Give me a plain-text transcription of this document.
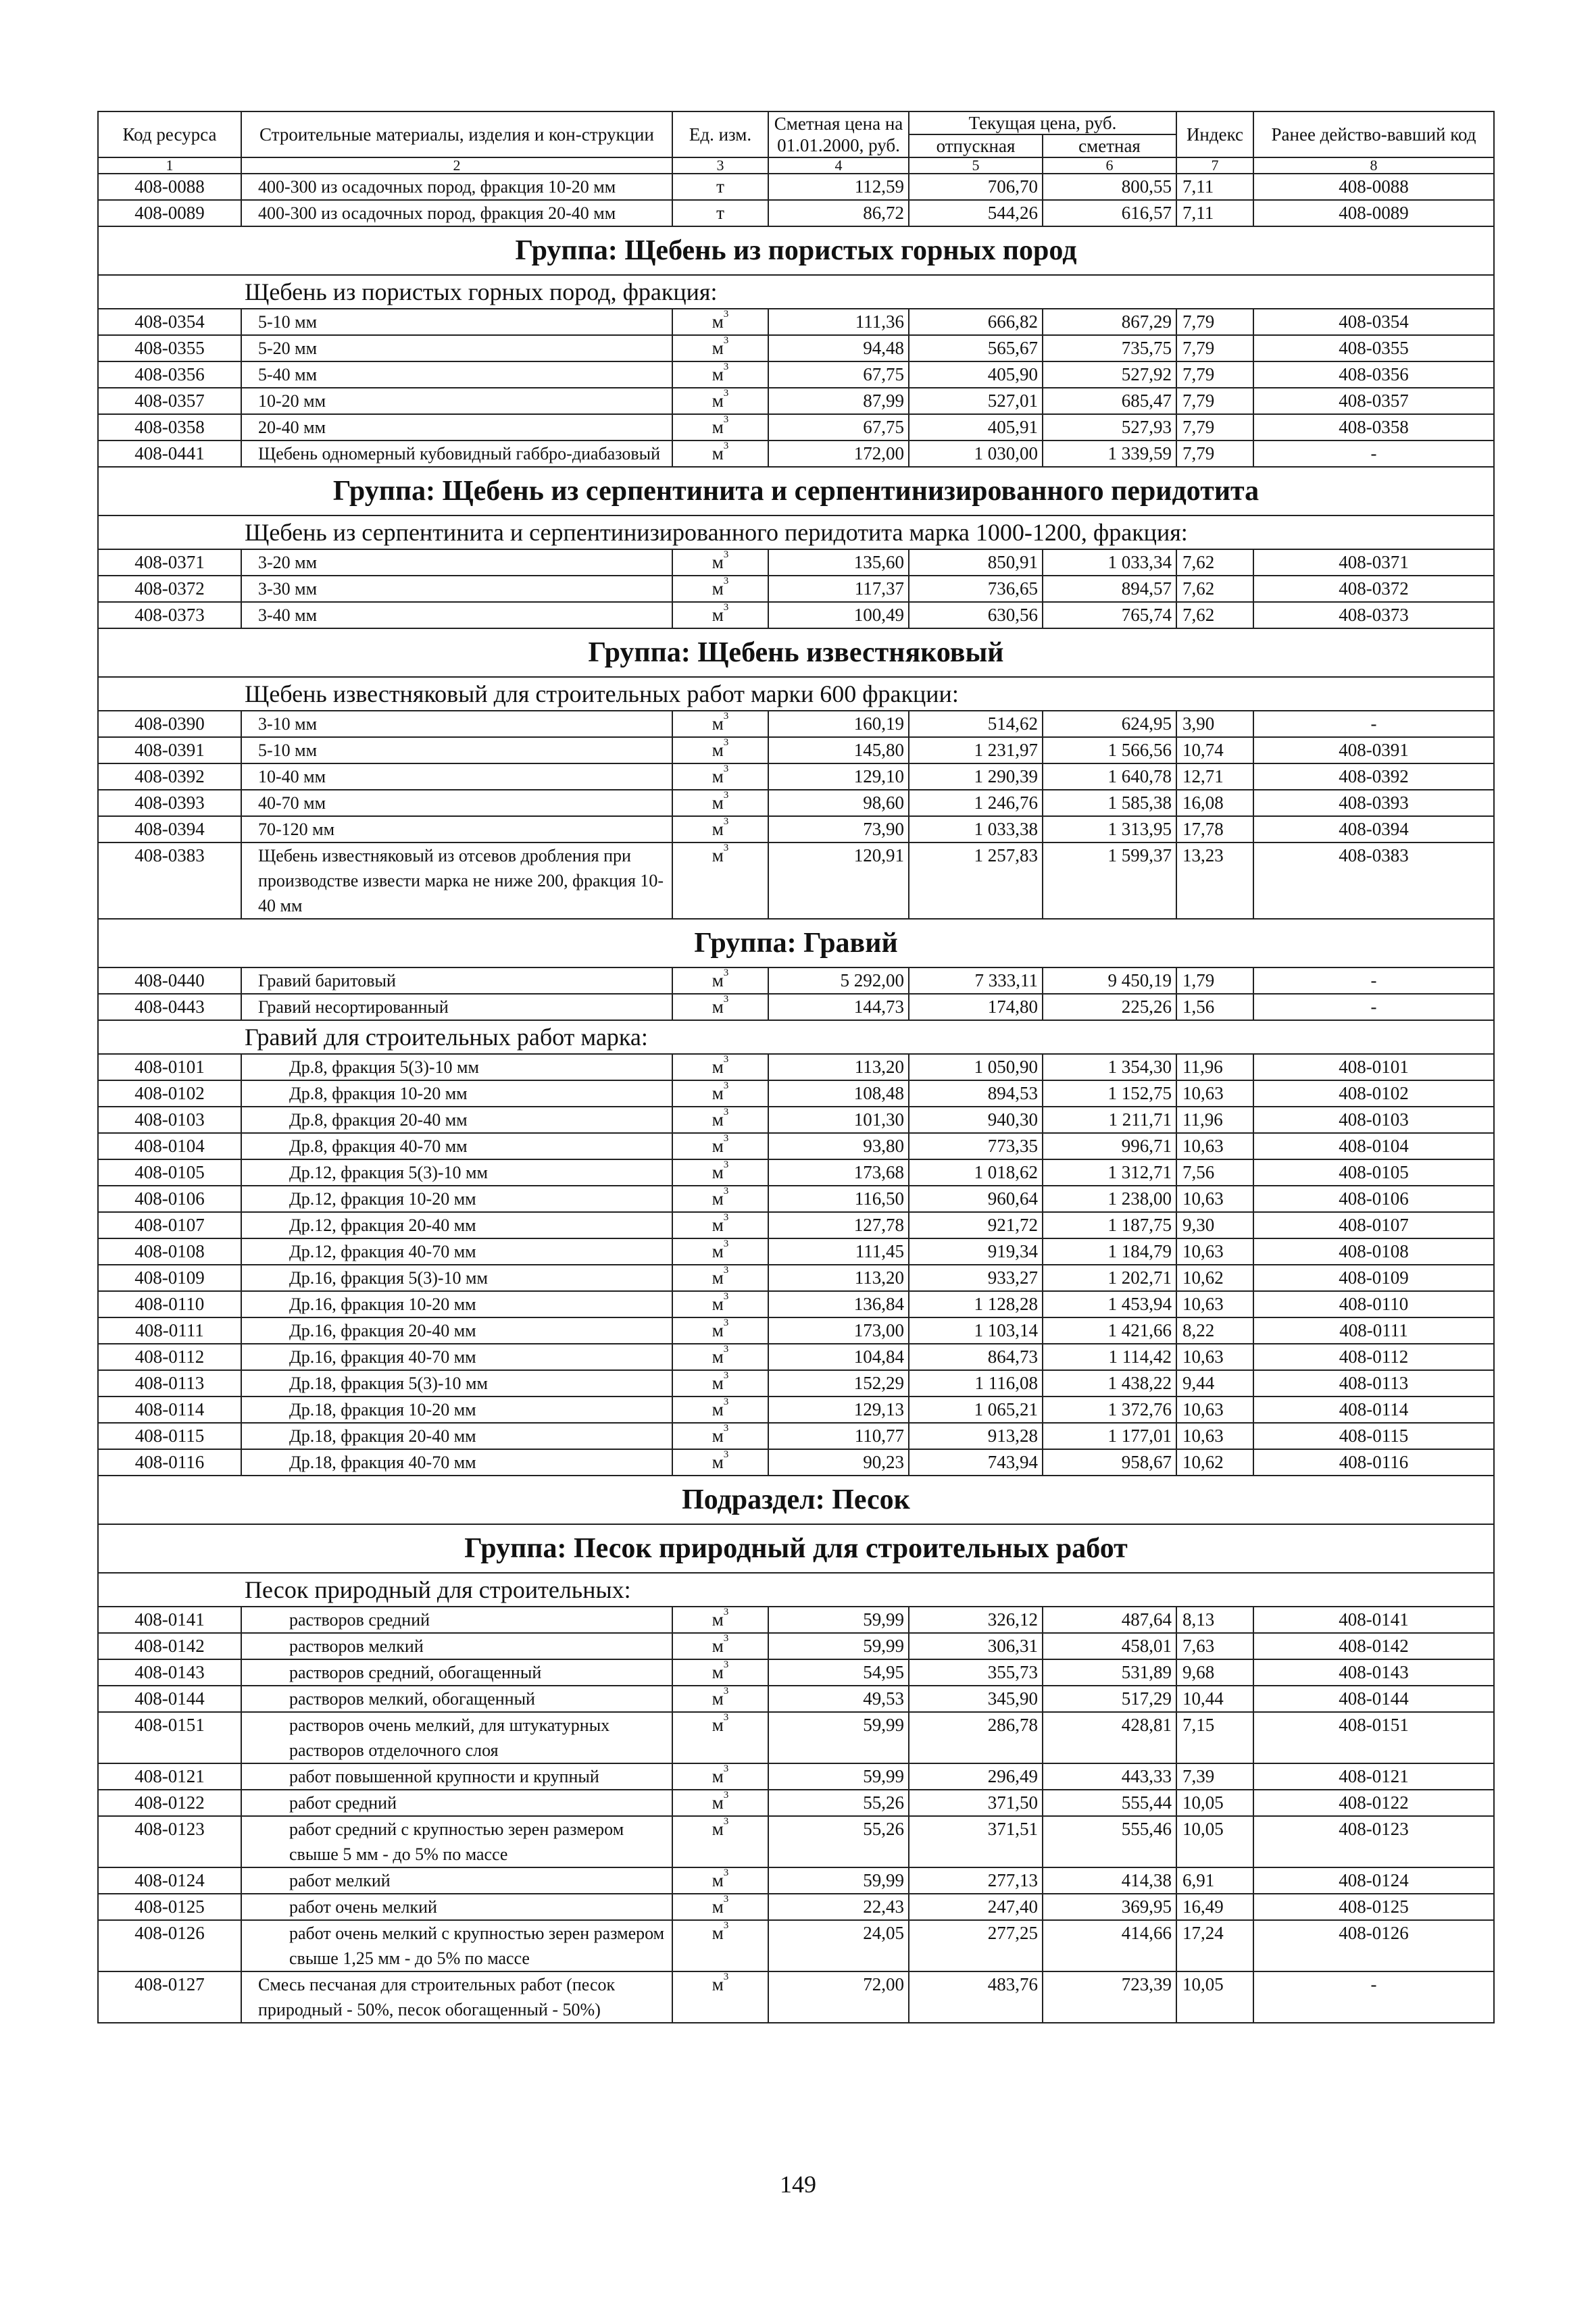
Код ресурса	Строительные материалы, изделия и кон-струкции	Ед. изм.	Сметная цена на 01.01.2000, руб.	Текущая цена, руб.		Индекс	Ранее действо-вавший код
				отпускная	сметная		
1	2	3	4	5	6	7	8
408-0088	400-300 из осадочных пород, фракция 10-20 мм	т	112,59	706,70	800,55	7,11	408-0088
408-0089	400-300 из осадочных пород, фракция 20-40 мм	т	86,72	544,26	616,57	7,11	408-0089
Группа: Щебень из пористых горных пород							
Щебень из пористых горных пород, фракция:							
408-0354	5-10 мм	$м^3$	111,36	666,82	867,29	7,79	408-0354
408-0355	5-20 мм	$м^3$	94,48	565,67	735,75	7,79	408-0355
408-0356	5-40 мм	$м^3$	67,75	405,90	527,92	7,79	408-0356
408-0357	10-20 мм	$м^3$	87,99	527,01	685,47	7,79	408-0357
408-0358	20-40 мм	$м^3$	67,75	405,91	527,93	7,79	408-0358
408-0441	Щебень одномерный кубовидный габбро-диабазовый	$м^3$	172,00	1 030,00	1 339,59	7,79	-
Группа: Щебень из серпентинита и серпентинизированного перидотита							
Щебень из серпентинита и серпентинизированного перидотита марка 1000-1200, фракция:							
408-0371	3-20 мм	$м^3$	135,60	850,91	1 033,34	7,62	408-0371
408-0372	3-30 мм	$м^3$	117,37	736,65	894,57	7,62	408-0372
408-0373	3-40 мм	$м^3$	100,49	630,56	765,74	7,62	408-0373
Группа: Щебень известняковый							
Щебень известняковый для строительных работ марки 600 фракции:							
408-0390	3-10 мм	$м^3$	160,19	514,62	624,95	3,90	-
408-0391	5-10 мм	$м^3$	145,80	1 231,97	1 566,56	10,74	408-0391
408-0392	10-40 мм	$м^3$	129,10	1 290,39	1 640,78	12,71	408-0392
408-0393	40-70 мм	$м^3$	98,60	1 246,76	1 585,38	16,08	408-0393
408-0394	70-120 мм	$м^3$	73,90	1 033,38	1 313,95	17,78	408-0394
408-0383	Щебень известняковый из отсевов дробления при производстве извести марка не ниже 200, фракция 10-40 мм	$м^3$	120,91	1 257,83	1 599,37	13,23	408-0383
Группа: Гравий							
408-0440	Гравий баритовый	$м^3$	5 292,00	7 333,11	9 450,19	1,79	-
408-0443	Гравий несортированный	$м^3$	144,73	174,80	225,26	1,56	-
Гравий для строительных работ марка:							
408-0101	Др.8, фракция 5(3)-10 мм	$м^3$	113,20	1 050,90	1 354,30	11,96	408-0101
408-0102	Др.8, фракция 10-20 мм	$м^3$	108,48	894,53	1 152,75	10,63	408-0102
408-0103	Др.8, фракция 20-40 мм	$м^3$	101,30	940,30	1 211,71	11,96	408-0103
408-0104	Др.8, фракция 40-70 мм	$м^3$	93,80	773,35	996,71	10,63	408-0104
408-0105	Др.12, фракция 5(3)-10 мм	$м^3$	173,68	1 018,62	1 312,71	7,56	408-0105
408-0106	Др.12, фракция 10-20 мм	$м^3$	116,50	960,64	1 238,00	10,63	408-0106
408-0107	Др.12, фракция 20-40 мм	$м^3$	127,78	921,72	1 187,75	9,30	408-0107
408-0108	Др.12, фракция 40-70 мм	$м^3$	111,45	919,34	1 184,79	10,63	408-0108
408-0109	Др.16, фракция 5(3)-10 мм	$м^3$	113,20	933,27	1 202,71	10,62	408-0109
408-0110	Др.16, фракция 10-20 мм	$м^3$	136,84	1 128,28	1 453,94	10,63	408-0110
408-0111	Др.16, фракция 20-40 мм	$м^3$	173,00	1 103,14	1 421,66	8,22	408-0111
408-0112	Др.16, фракция 40-70 мм	$м^3$	104,84	864,73	1 114,42	10,63	408-0112
408-0113	Др.18, фракция 5(3)-10 мм	$м^3$	152,29	1 116,08	1 438,22	9,44	408-0113
408-0114	Др.18, фракция 10-20 мм	$м^3$	129,13	1 065,21	1 372,76	10,63	408-0114
408-0115	Др.18, фракция 20-40 мм	$м^3$	110,77	913,28	1 177,01	10,63	408-0115
408-0116	Др.18, фракция 40-70 мм	$м^3$	90,23	743,94	958,67	10,62	408-0116
Подраздел: Песок							
Группа: Песок природный для строительных работ							
Песок природный для строительных:							
408-0141	растворов средний	$м^3$	59,99	326,12	487,64	8,13	408-0141
408-0142	растворов мелкий	$м^3$	59,99	306,31	458,01	7,63	408-0142
408-0143	растворов средний, обогащенный	$м^3$	54,95	355,73	531,89	9,68	408-0143
408-0144	растворов мелкий, обогащенный	$м^3$	49,53	345,90	517,29	10,44	408-0144
408-0151	растворов очень мелкий, для штукатурных растворов отделочного слоя	$м^3$	59,99	286,78	428,81	7,15	408-0151
408-0121	работ повышенной крупности и крупный	$м^3$	59,99	296,49	443,33	7,39	408-0121
408-0122	работ средний	$м^3$	55,26	371,50	555,44	10,05	408-0122
408-0123	работ средний с крупностью зерен размером свыше 5 мм - до 5% по массе	$м^3$	55,26	371,51	555,46	10,05	408-0123
408-0124	работ мелкий	$м^3$	59,99	277,13	414,38	6,91	408-0124
408-0125	работ очень мелкий	$м^3$	22,43	247,40	369,95	16,49	408-0125
408-0126	работ очень мелкий с крупностью зерен размером свыше 1,25 мм - до 5% по массе	$м^3$	24,05	277,25	414,66	17,24	408-0126
408-0127	Смесь песчаная для строительных работ (песок природный - 50%, песок обогащенный - 50%)	$м^3$	72,00	483,76	723,39	10,05	-
149
